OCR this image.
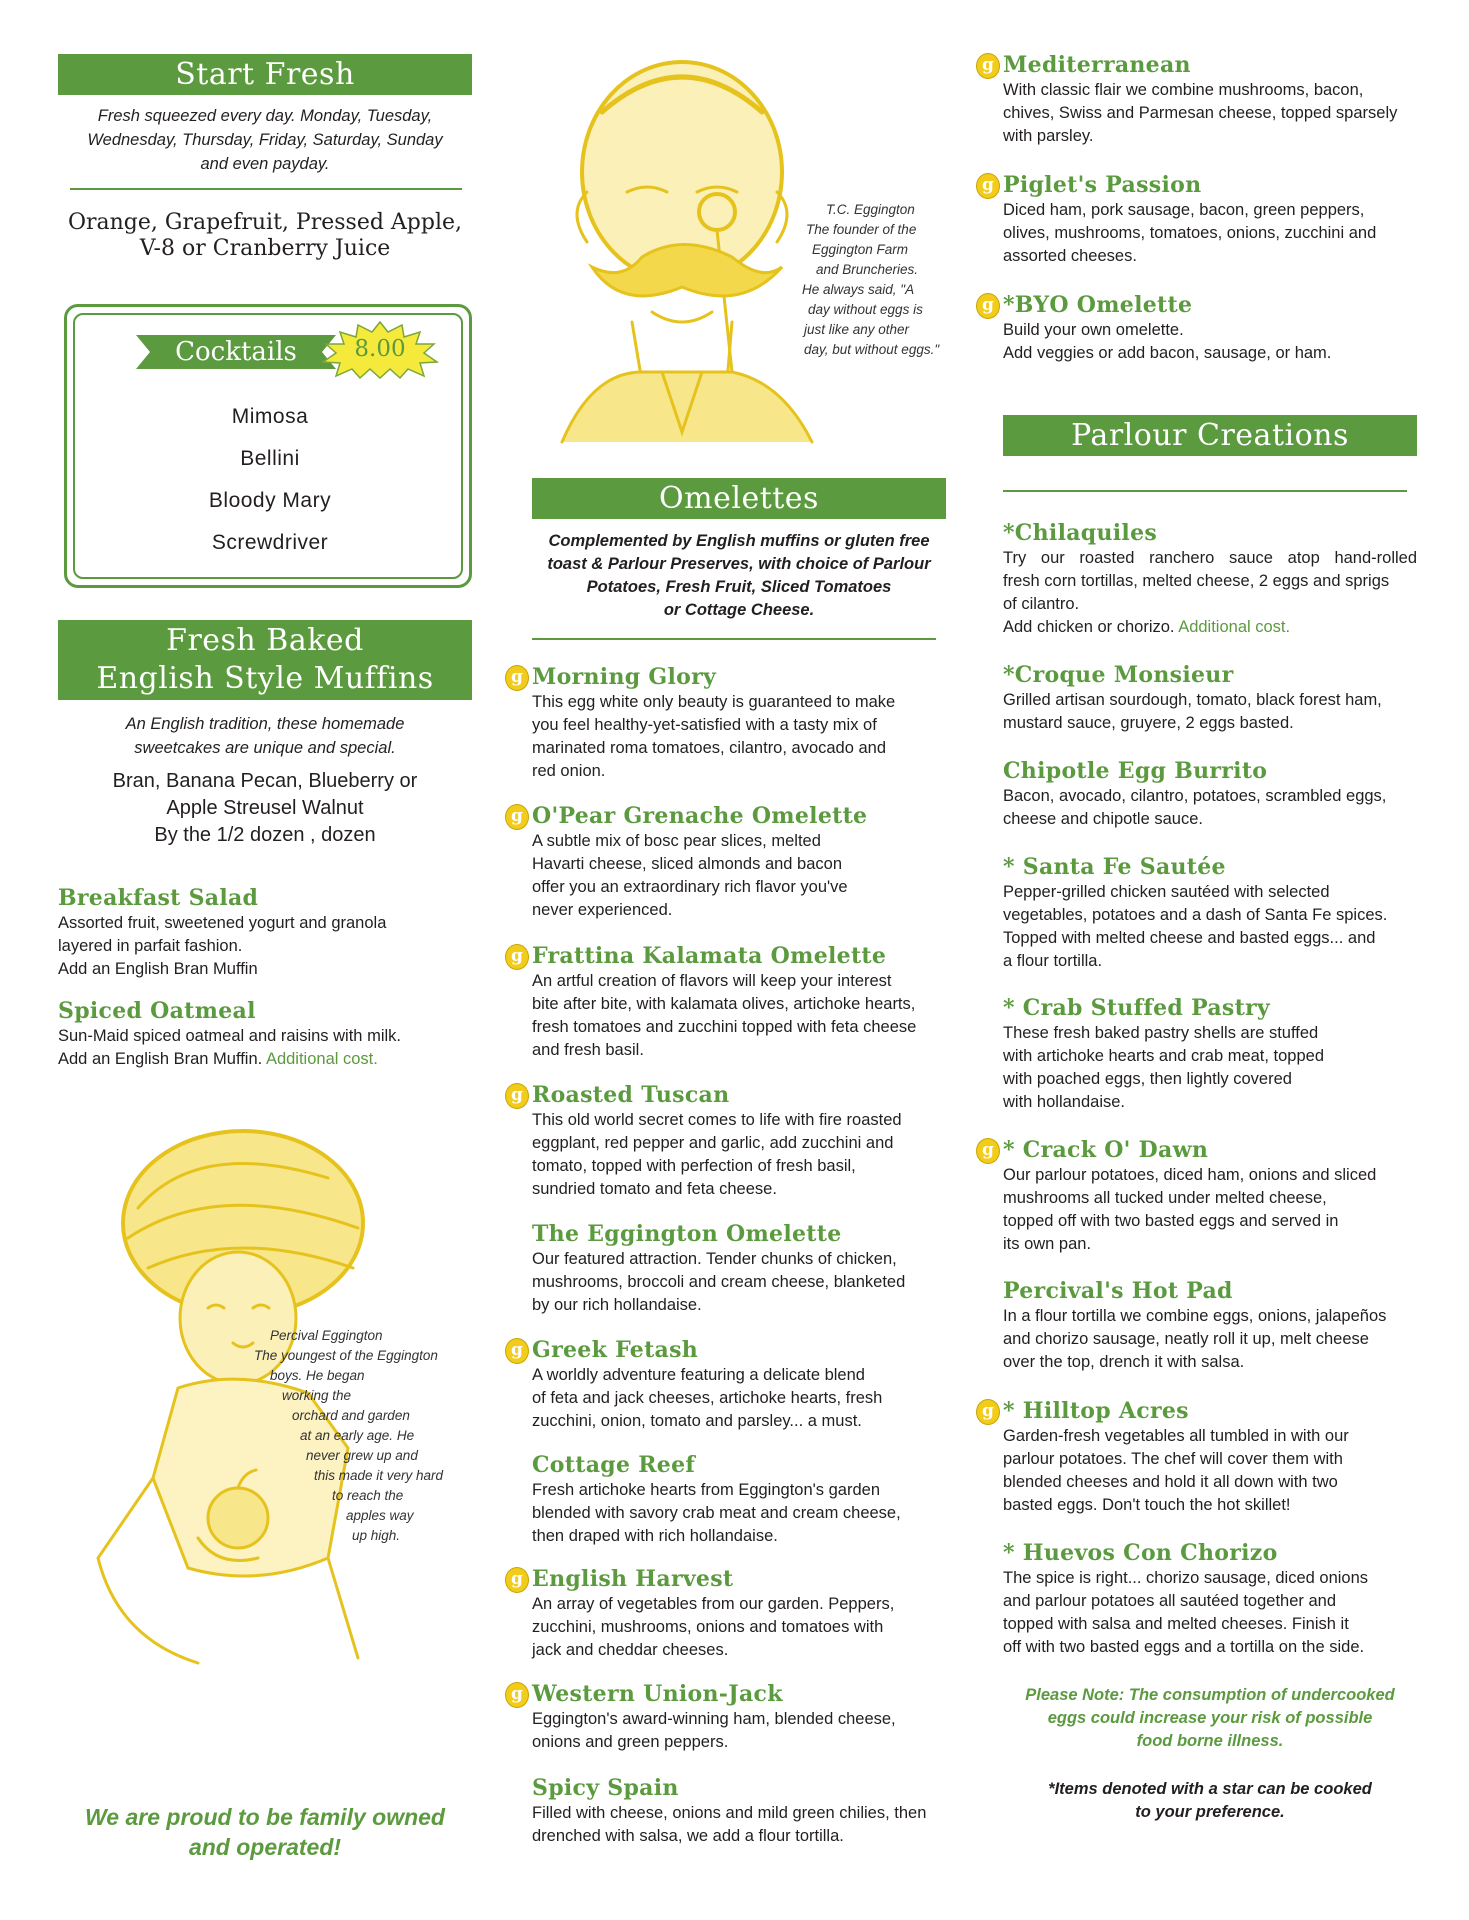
Start Fresh
Fresh squeezed every day. Monday, Tuesday,
Wednesday, Thursday, Friday, Saturday, Sunday
and even payday.
Orange, Grapefruit, Pressed Apple,
V-8 or Cranberry Juice
Cocktails	8.00
Mimosa
Bellini
Bloody Mary
Screwdriver
Fresh Baked
English Style Muffins
An English tradition, these homemade
sweetcakes are unique and special.
Bran, Banana Pecan, Blueberry or
Apple Streusel Walnut
By the 1/2 dozen , dozen
Breakfast Salad
Assorted fruit, sweetened yogurt and granola
layered in parfait fashion.
Add an English Bran Muffin
Spiced Oatmeal
Sun-Maid spiced oatmeal and raisins with milk.
Add an English Bran Muffin. Additional cost.
Percival Eggington
The youngest of the Eggington
boys. He began
working the
orchard and garden
at an early age. He
never grew up and
this made it very hard
to reach the
apples way
up high.
We are proud to be family owned
and operated!
T.C. Eggington
The founder of the
Eggington Farm
and Bruncheries.
He always said, "A
day without eggs is
just like any other
day, but without eggs."
Omelettes
Complemented by English muffins or gluten free
toast & Parlour Preserves, with choice of Parlour
Potatoes, Fresh Fruit, Sliced Tomatoes
or Cottage Cheese.
g Morning Glory
This egg white only beauty is guaranteed to make
you feel healthy-yet-satisfied with a tasty mix of
marinated roma tomatoes, cilantro, avocado and
red onion.
g O'Pear Grenache Omelette
A subtle mix of bosc pear slices, melted
Havarti cheese, sliced almonds and bacon
offer you an extraordinary rich flavor you've
never experienced.
g Frattina Kalamata Omelette
An artful creation of flavors will keep your interest
bite after bite, with kalamata olives, artichoke hearts,
fresh tomatoes and zucchini topped with feta cheese
and fresh basil.
g Roasted Tuscan
This old world secret comes to life with fire roasted
eggplant, red pepper and garlic, add zucchini and
tomato, topped with perfection of fresh basil,
sundried tomato and feta cheese.
The Eggington Omelette
Our featured attraction. Tender chunks of chicken,
mushrooms, broccoli and cream cheese, blanketed
by our rich hollandaise.
g Greek Fetash
A worldly adventure featuring a delicate blend
of feta and jack cheeses, artichoke hearts, fresh
zucchini, onion, tomato and parsley... a must.
Cottage Reef
Fresh artichoke hearts from Eggington's garden
blended with savory crab meat and cream cheese,
then draped with rich hollandaise.
g English Harvest
An array of vegetables from our garden. Peppers,
zucchini, mushrooms, onions and tomatoes with
jack and cheddar cheeses.
g Western Union-Jack
Eggington's award-winning ham, blended cheese,
onions and green peppers.
Spicy Spain
Filled with cheese, onions and mild green chilies, then
drenched with salsa, we add a flour tortilla.
g Mediterranean
With classic flair we combine mushrooms, bacon,
chives, Swiss and Parmesan cheese, topped sparsely
with parsley.
g Piglet's Passion
Diced ham, pork sausage, bacon, green peppers,
olives, mushrooms, tomatoes, onions, zucchini and
assorted cheeses.
g *BYO Omelette
Build your own omelette.
Add veggies or add bacon, sausage, or ham.
Parlour Creations
*Chilaquiles
Try our roasted ranchero sauce atop hand-rolled
fresh corn tortillas, melted cheese, 2 eggs and sprigs
of cilantro.
Add chicken or chorizo. Additional cost.
*Croque Monsieur
Grilled artisan sourdough, tomato, black forest ham,
mustard sauce, gruyere, 2 eggs basted.
Chipotle Egg Burrito
Bacon, avocado, cilantro, potatoes, scrambled eggs,
cheese and chipotle sauce.
* Santa Fe Sautée
Pepper-grilled chicken sautéed with selected
vegetables, potatoes and a dash of Santa Fe spices.
Topped with melted cheese and basted eggs... and
a flour tortilla.
* Crab Stuffed Pastry
These fresh baked pastry shells are stuffed
with artichoke hearts and crab meat, topped
with poached eggs, then lightly covered
with hollandaise.
g * Crack O' Dawn
Our parlour potatoes, diced ham, onions and sliced
mushrooms all tucked under melted cheese,
topped off with two basted eggs and served in
its own pan.
Percival's Hot Pad
In a flour tortilla we combine eggs, onions, jalapeños
and chorizo sausage, neatly roll it up, melt cheese
over the top, drench it with salsa.
g * Hilltop Acres
Garden-fresh vegetables all tumbled in with our
parlour potatoes. The chef will cover them with
blended cheeses and hold it all down with two
basted eggs. Don't touch the hot skillet!
* Huevos Con Chorizo
The spice is right... chorizo sausage, diced onions
and parlour potatoes all sautéed together and
topped with salsa and melted cheeses. Finish it
off with two basted eggs and a tortilla on the side.
Please Note: The consumption of undercooked
eggs could increase your risk of possible
food borne illness.
*Items denoted with a star can be cooked
to your preference.
